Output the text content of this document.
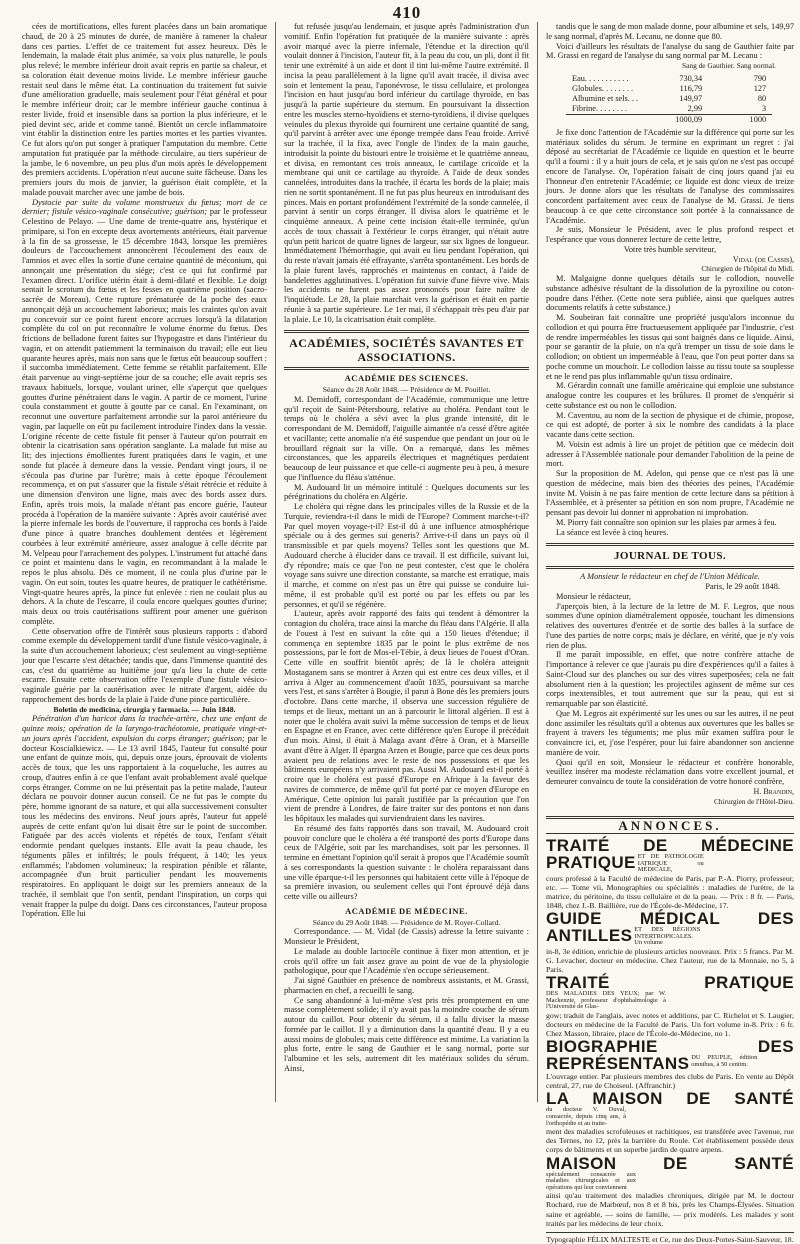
410

cées de mortifications, elles furent placées dans un bain aromatique chaud, de 20 à 25 minutes de durée, de manière à ramener la chaleur dans ces parties. L'effet de ce traitement fut assez heureux. Dès le lendemain, la malade était plus animée, sa voix plus naturelle, le pouls plus relevé; le membre inférieur droit avait repris en partie sa chaleur, et sa coloration était devenue moins livide. Le membre inférieur gauche restait seul dans le même état. La continuation du traitement fut suivie d'une amélioration graduelle, mais seulement pour l'état général et pour le membre inférieur droit; car le membre inférieur gauche continua à rester livide, froid et insensible dans sa portion la plus inférieure, et le pied devint sec, aride et comme tanné. Bientôt un cercle inflammatoire vint établir la distinction entre les parties mortes et les parties vivantes. Ce fut alors qu'on put songer à pratiquer l'amputation du membre. Cette amputation fut pratiquée par la méthode circulaire, au tiers supérieur de la jambe, le 6 novembre, un peu plus d'un mois après le développement des premiers accidents. L'opération n'eut aucune suite fâcheuse. Dans les premiers jours du mois de janvier, la guérison était complète, et la malade pouvait marcher avec une jambe de bois.

Dystocie par suite du volume monstrueux du fœtus; mort de ce dernier; fistule vésico-vaginale consécutive; guérison; par le professeur Celestino de Pelayo. — Une dame de trente-quatre ans, hystérique et primipare, si l'on en excepte deux avortements antérieurs, était parvenue à la fin de sa grossesse, le 15 décembre 1843, lorsque les premières douleurs de l'accouchement annoncèrent l'écoulement des eaux de l'amnios et avec elles la sortie d'une certaine quantité de méconium, qui annonçait une présentation du siége; c'est ce qui fut confirmé par l'examen direct. L'orifice utérin était à demi-dilaté et flexible. Le doigt sentait le scrotum du fœtus et les fesses en quatrième position (sacro-sacrée de Moreau). Cette rupture prématurée de la poche des eaux annonçait déjà un accouchement laborieux; mais les craintes qu'on avait pu concevoir sur ce point furent encore accrues lorsqu'à la dilatation complète du col on put reconnaître le volume énorme du fœtus. Des frictions de belladone furent faites sur l'hypogastre et dans l'intérieur du vagin, et on attendit patiemment la terminaison du travail; elle eut lieu quarante heures après, mais non sans que le fœtus eût beaucoup souffert : il succomba immédiatement. Cette femme se rétablit parfaitement. Elle était parvenue au vingt-septième jour de sa couche; elle avait repris ses travaux habituels, lorsque, voulant uriner, elle s'aperçut que quelques gouttes d'urine pénétraient dans le vagin. A partir de ce moment, l'urine coula constamment et goutte à goutte par ce canal. En l'examinant, on reconnut une ouverture parfaitement arrondie sur la paroi antérieure du vagin, par laquelle on eût pu facilement introduire l'index dans la vessie. L'origine récente de cette fistule fit penser à l'auteur qu'on pourrait en obtenir la cicatrisation sans opération sanglante. La malade fut mise au lit; des injections émollientes furent pratiquées dans le vagin, et une sonde fut placée à demeure dans la vessie. Pendant vingt jours, il ne s'écoula pas d'urine par l'urètre; mais à cette époque l'écoulement recommença, et on put s'assurer que la fistule s'était rétrécie et réduite à une dimension d'environ une ligne, mais avec des bords assez durs. Enfin, après trois mois, la malade n'étant pas encore guérie, l'auteur procéda à l'opération de la manière suivante : Après avoir cautérisé avec la pierre infernale les bords de l'ouverture, il rapprocha ces bords à l'aide d'une pince à quatre branches doublement dentées et légèrement courbées à leur extrémité antérieure, assez analogue à celle décrite par M. Velpeau pour l'arrachement des polypes. L'instrument fut attaché dans ce point et maintenu dans le vagin, en recommandant à la malade le repos le plus absolu. Dès ce moment, il ne coula plus d'urine par le vagin. On eut soin, toutes les quatre heures, de pratiquer le cathétérisme. Vingt-quatre heures après, la pince fut enlevée : rien ne coulait plus au dehors. A la chute de l'escarre, il coula encore quelques gouttes d'urine; mais deux ou trois cautérisations suffirent pour amener une guérison complète.

Cette observation offre de l'intérêt sous plusieurs rapports : d'abord comme exemple du développement tardif d'une fistule vésico-vaginale, à la suite d'un accouchement laborieux; c'est seulement au vingt-septième jour que l'escarre s'est détachée; tandis que, dans l'immense quantité des cas, c'est du quatrième au huitième jour qu'a lieu la chute de cette escarre. Ensuite cette observation offre l'exemple d'une fistule vésico-vaginale guérie par la cautérisation avec le nitrate d'argent, aidée du rapprochement des bords de la plaie à l'aide d'une pince particulière.

Boletin de medicina, cirurgia y farmacia. — Juin 1848.

Pénétration d'un haricot dans la trachée-artère, chez une enfant de quinze mois; opération de la laryngo-trachéotomie, pratiquée vingt-et-un jours après l'accident, expulsion du corps étranger; guérison; par le docteur Koscialkiewicz. — Le 13 avril 1845, l'auteur fut consulté pour une enfant de quinze mois, qui, depuis onze jours, éprouvait de violents accès de toux, que les uns rapportaient à la coqueluche, les autres au croup, d'autres enfin à ce que l'enfant avait probablement avalé quelque corps étranger. Comme on ne lui présentait pas la petite malade, l'auteur déclara ne pouvoir donner aucun conseil. Ce ne fut pas le compte du père, homme ignorant de sa nature, et qui alla successivement consulter tous les médecins des environs. Neuf jours après, l'auteur fut appelé auprès de cette enfant qu'on lui disait être sur le point de succomber. Fatiguée par des accès violents et répétés de toux, l'enfant s'était endormie pendant quelques instants. Elle avait la peau chaude, les téguments pâles et infiltrés; le pouls fréquent, à 140; les yeux enflammés; l'abdomen volumineux; la respiration pénible et râlante, accompagnée d'un bruit particulier pendant les mouvements respiratoires. En appliquant le doigt sur les premiers anneaux de la trachée, il semblait que l'on sentît, pendant l'inspiration, un corps qui venait frapper la pulpe du doigt. Dans ces circonstances, l'auteur proposa l'opération. Elle lui

fut refusée jusqu'au lendemain, et jusque après l'administration d'un vomitif. Enfin l'opération fut pratiquée de la manière suivante : après avoir marqué avec la pierre infernale, l'étendue et la direction qu'il voulait donner à l'incision, l'auteur fit, à la peau du cou, un pli, dont il fit tenir une extrémité à un aide et dont il tint lui-même l'autre extrémité. Il incisa la peau parallèlement à la ligne qu'il avait tracée, il divisa avec soin et lentement la peau, l'aponévrose, le tissu cellulaire, et prolongea l'incision en haut jusqu'au bord inférieur du cartilage thyroïde, en bas jusqu'à la partie supérieure du sternum. En poursuivant la dissection entre les muscles sterno-hyoïdiens et sterno-tyroïdiens, il divise quelques veinules du plexus thyroïde qui fournirent une certaine quantité de sang, qu'il parvint à arrêter avec une éponge trempée dans l'eau froide. Arrivé sur la trachée, il la fixa, avec l'ongle de l'index de la main gauche, introduisit la pointe du bistouri entre le troisième et le quatrième anneau, et divisa, en remontant ces trois anneaux, le cartilage cricoïde et la membrane qui unit ce cartilage au thyroïde. A l'aide de deux sondes cannelées, introduites dans la trachée, il écarta les bords de la plaie; mais rien ne sortit spontanément. Il ne fut pas plus heureux en introduisant des pinces. Mais en portant profondément l'extrémité de la sonde cannelée, il parvint à sentir un corps étranger. Il divisa alors le quatrième et le cinquième anneaux. A peine cette incision était-elle terminée, qu'un accès de toux chassait à l'extérieur le corps étranger, qui n'était autre qu'un petit haricot de quatre lignes de largeur, sur six lignes de longueur. Immédiatement l'hémorrhagie, qui avait eu lieu pendant l'opération, qui du reste n'avait jamais été effrayante, s'arrêta spontanément. Les bords de la plaie furent lavés, rapprochés et maintenus en contact, à l'aide de bandelettes agglutinatives. L'opération fut suivie d'une fièvre vive. Mais les accidents ne furent pas assez prononcés pour faire naître de l'inquiétude. Le 28, la plaie marchait vers la guérison et était en partie réunie à sa partie supérieure. Le 1er mai, il s'échappait très peu d'air par la plaie. Le 10, la cicatrisation était complète.

ACADÉMIES, SOCIÉTÉS SAVANTES ET ASSOCIATIONS.
ACADÉMIE DES SCIENCES.
Séance du 28 Août 1848. — Présidence de M. Pouillet.

M. Demidoff, correspondant de l'Académie, communique une lettre qu'il reçoit de Saint-Pétersbourg, relative au choléra. Pendant tout le temps où le choléra a sévi avec la plus grande intensité, dit le correspondant de M. Demidoff, l'aiguille aimantée n'a cessé d'être agitée et vacillante; cette anomalie n'a été suspendue que pendant un jour où le brouillard régnait sur la ville. On a remarqué, dans les mêmes circonstances, que les appareils électriques et magnétiques perdaient beaucoup de leur puissance et que celle-ci augmente peu à peu, à mesure que l'influence du fléau s'atténue.

M. Audouard lit un mémoire intitulé : Quelques documents sur les pérégrinations du choléra en Algérie.

Le choléra qui règne dans les principales villes de la Russie et de la Turquie, reviendra-t-il dans le midi de l'Europe? Comment marche-t-il? Par quel moyen voyage-t-il? Est-il dû à une influence atmosphérique spéciale ou à des germes sui generis? Arrive-t-il dans un pays où il transmissible et par quels moyens? Telles sont les questions que M. Audouard cherche à élucider dans ce travail. Il est difficile, suivant lui, d'y répondre; mais ce que l'on ne peut contester, c'est que le choléra voyage sans suivre une direction constante, sa marche est erratique, mais il marche, et comme on n'est pas un être qui puisse se conduire lui-même, il est probable qu'il est porté ou par les effets ou par les personnes, et qu'il se régénère.

L'auteur, après avoir rapporté des faits qui tendent à démontrer la contagion du choléra, trace ainsi la marche du fléau dans l'Algérie. Il alla de l'ouest à l'est en suivant la côte qui a 150 lieues d'étendue; il commença en septembre 1835 par le point le plus extrême de nos possessions, par le fort de Mos-el-Tébie, à deux lieues de l'ouest d'Oran. Cette ville en souffrit bientôt après; de là le choléra atteignit Mostaganem sans se montrer à Arzen qui est entre ces deux villes, et il arriva à Alger au commencement d'août 1835, poursuivant sa marche vers l'est, et sans s'arrêter à Bougie, il parut à Bone dès les premiers jours d'octobre. Dans cette marche, il observa une succession régulière de temps et de lieux, mettant un an à parcourir le littoral algérien. Il est à noter que le choléra avait suivi la même succession de temps et de lieux en Espagne et en France, avec cette différence qu'en Europe il précédait d'un mois. Ainsi, il était à Malaga avant d'être à Oran, et à Marseille avant d'être à Alger. Il épargna Arzen et Bougie, parce que ces deux ports avaient peu de relations avec le reste de nos possessions et que les bâtiments européens n'y arrivaient pas. Aussi M. Audouard est-il porté à croire que le choléra est passé d'Europe en Afrique à la faveur des navires de commerce, de même qu'il fut porté par ce moyen d'Europe en Amérique. Cette opinion lui paraît justifiée par la précaution que l'on vient de prendre à Londres, de faire traiter sur des pontons et non dans les hôpitaux les malades qui surviendraient dans les navires.

En résumé des faits rapportés dans son travail, M. Audouard croit pouvoir conclure que le choléra a été transporté des ports d'Europe dans ceux de l'Algérie, soit par les marchandises, soit par les personnes. Il termine en émettant l'opinion qu'il serait à propos que l'Académie soumît à ses correspondants la question suivante : le choléra reparaissant dans une ville éparque-t-il les personnes qui habitaient cette ville à l'époque de sa première invasion, ou seulement celles qui l'ont éprouvé déjà dans cette ville ou ailleurs?

ACADÉMIE DE MÉDECINE.
Séance du 29 Août 1848. — Présidence de M. Royer-Collard.

Correspondance. — M. Vidal (de Cassis) adresse la lettre suivante : Monsieur le Président,

Le malade au double lactocèle continue à fixer mon attention, et je crois qu'il offre un fait assez grave au point de vue de la physiologie pathologique, pour que l'Académie s'en occupe sérieusement.

J'ai signé Gauthier en présence de nombreux assistants, et M. Grassi, pharmacien en chef, a recueilli le sang.

Ce sang abandonné à lui-même s'est pris très promptement en une masse complètement solide; il n'y avait pas la moindre couche de sérum autour du caillot. Pour obtenir du sérum, il a fallu diviser la masse formée par le caillot. Il y a diminution dans la quantité d'eau. Il y a eu aussi moins de globules; mais cette différence est minime. La variation la plus forte, entre le sang de Gauthier et le sang normal, porte sur l'albumine et les sels, autrement dit les matériaux solides du sérum. Ainsi,

tandis que le sang de mon malade donne, pour albumine et sels, 149,97 le sang normal, d'après M. Lecanu, ne donne que 80.

Voici d'ailleurs les résultats de l'analyse du sang de Gauthier faite par M. Grassi en regard de l'analyse du sang normal par M. Lecanu :

Sang de Gauthier. Sang normal.
Eau. . . . . . . . . . .	730,34	790
Globules. . . . . . . .	116,79	127
Albumine et sels. . .	149,97	80
Fibrine. . . . . . . .	2,99	3
	1000,09	1000

Je fixe donc l'attention de l'Académie sur la différence qui porte sur les matériaux solides du sérum. Je termine en exprimant un regret : j'ai déposé au secrétariat de l'Académie ce liquide en question et le beurre qu'il a fourni : il y a huit jours de cela, et je sais qu'on ne s'est pas occupé encore de l'analyse. Or, l'opération faisait de cinq jours quand j'ai eu l'honneur d'en entretenir l'Académie; ce liquide est donc vieux de treize jours. Je donne alors que les résultats de l'analyse des commissaires concordent parfaitement avec ceux de l'analyse de M. Grassi. Je tiens beaucoup à ce que cette circonstance soit portée à la connaissance de l'Académie.

Je suis, Monsieur le Président, avec le plus profond respect et l'espérance que vous donnerez lecture de cette lettre,

Votre très humble serviteur,

Vidal (de Cassis),
Chirurgien de l'hôpital du Midi.

M. Malgaigne donne quelques détails sur le collodion, nouvelle substance adhésive résultant de la dissolution de la pyroxiline ou coton-poudre dans l'éther. (Cette note sera publiée, ainsi que quelques autres documents relatifs à cette substance.)

M. Soubeiran fait connaître une propriété jusqu'alors inconnue du collodion et qui pourra être fructueusement appliquée par l'industrie, c'est de rendre imperméables les tissus qui sont baignés dans ce liquide. Ainsi, pour se garantir de la pluie, on n'a qu'à tremper un tissu de soie dans le collodion; on obtient un imperméable à l'eau, que l'on peut porter dans sa poche comme un mouchoir. Le collodion laisse au tissu toute sa souplesse et ne le rend pas plus inflammable qu'un tissu ordinaire.

M. Gérardin connaît une famille américaine qui emploie une substance analogue contre les coupures et les brûlures. Il promet de s'enquérir si cette substance est ou non le collodion.

M. Caventou, au nom de la section de physique et de chimie, propose, ce qui est adopté, de porter à six le nombre des candidats à la place vacante dans cette section.

M. Voisin est admis à lire un projet de pétition que ce médecin doit adresser à l'Assemblée nationale pour demander l'abolition de la peine de mort.

Sur la proposition de M. Adelon, qui pense que ce n'est pas là une question de médecine, mais bien des théories des peines, l'Académie invite M. Voisin à ne pas faire mention de cette lecture dans sa pétition à l'Assemblée, et à présenter sa pétition en son nom propre, l'Académie ne pensant pas devoir lui donner ni approbation ni improbation.

M. Piorry fait connaître son opinion sur les plaies par armes à feu.

La séance est levée à cinq heures.

JOURNAL DE TOUS.

A Monsieur le rédacteur en chef de l'Union Médicale.

Paris, le 29 août 1848.

Monsieur le rédacteur,

J'aperçois bien, à la lecture de la lettre de M. F. Legros, que nous sommes d'une opinion diamétralement opposée, touchant les dimensions relatives des ouvertures d'entrée et de sortie des balles à la surface de l'une des parties de notre corps; mais je déclare, en vérité, que je n'y vois rien de plus.

Il me paraît impossible, en effet, que notre confrère attache de l'importance à relever ce que j'aurais pu dire d'expériences qu'il a faites à Saint-Cloud sur des planches ou sur des vitres superposées; cela ne fait absolument rien à la question; les projectiles agissent de même sur ces corps inextensibles, et tout autrement que sur la peau, qui est si remarquable par son élasticité.

Que M. Legros ait expérimenté sur les unes ou sur les autres, il ne peut donc assimiler les résultats qu'il a obtenus aux ouvertures que les balles se frayent à travers les téguments; me plus mûr examen suffira pour le convaincre ici, et, j'ose l'espérer, pour lui faire abandonner son ancienne manière de voir.

Quoi qu'il en soit, Monsieur le rédacteur et confrère honorable, veuillez insérer ma modeste réclamation dans votre excellent journal, et demeurer convaincu de toute la considération de votre honoré confrère,

H. Brandin,
Chirurgien de l'Hôtel-Dieu.
ANNONCES.

TRAITÉ DE MÉDECINE PRATIQUE ET DE PATHOLOGIE IATRIQUE ou MÉDICALE,
cours professé à la Faculté de médecine de Paris, par P.-A. Piorry, professeur, etc. — Tome vii, Monographies ou spécialités : maladies de l'urètre, de la matrice, du péritoine, du tissu cellulaire et de la peau. — Prix : 8 fr. — Paris, 1848, chez J.-B. Baillière, rue de l'École-de-Médecine, 17.

GUIDE MÉDICAL DES ANTILLES ET DES RÉGIONS INTERTROPICALES. Un volume
in-8, 3e édition, enrichie de plusieurs articles nouveaux. Prix : 5 francs. Par M. G. Levacher, docteur en médecine. Chez l'auteur, rue de la Monnaie, no 5, à Paris.

TRAITÉ PRATIQUE DES MALADIES DES YEUX; par W. Mackenzie, professeur d'ophthalmologie à l'Université de Glas-
gow; traduit de l'anglais, avec notes et additions, par C. Richelot et S. Laugier, docteurs en médecine de la Faculté de Paris. Un fort volume in-8. Prix : 6 fr. Chez Masson, libraire, place de l'École-de-Médecine, no 1.

BIOGRAPHIE DES REPRÉSENTANS DU PEUPLE, édition omnibus, à 50 centim.
L'ouvrage entier. Par plusieurs membres des clubs de Paris. En vente au Dépôt central, 27, rue de Choiseul. (Affranchir.)

LA MAISON DE SANTÉ du docteur V. Duval, consacrée, depuis cinq ans, à l'orthopédie et au traite-
ment des maladies scrofuleuses et rachitiques, est transférée avec l'avenue, rue des Ternes, no 12, près la barrière du Roule. Cet établissement possède deux corps de bâtiments et un superbe jardin de quatre arpens.

MAISON DE SANTÉ spécialement consacrée aux maladies chirurgicales et aux opérations qui leur conviennent
ainsi qu'au traitement des maladies chroniques, dirigée par M. le docteur Rochard, rue de Marbœuf, nos 8 et 8 bis, près les Champs-Élysées. Situation saine et agréable, — soins de famille, — prix modérés. Les malades y sont traités par les médecins de leur choix.

Typographie FÉLIX MALTESTE et Ce, rue des Deux-Portes-Saint-Sauveur, 18.
